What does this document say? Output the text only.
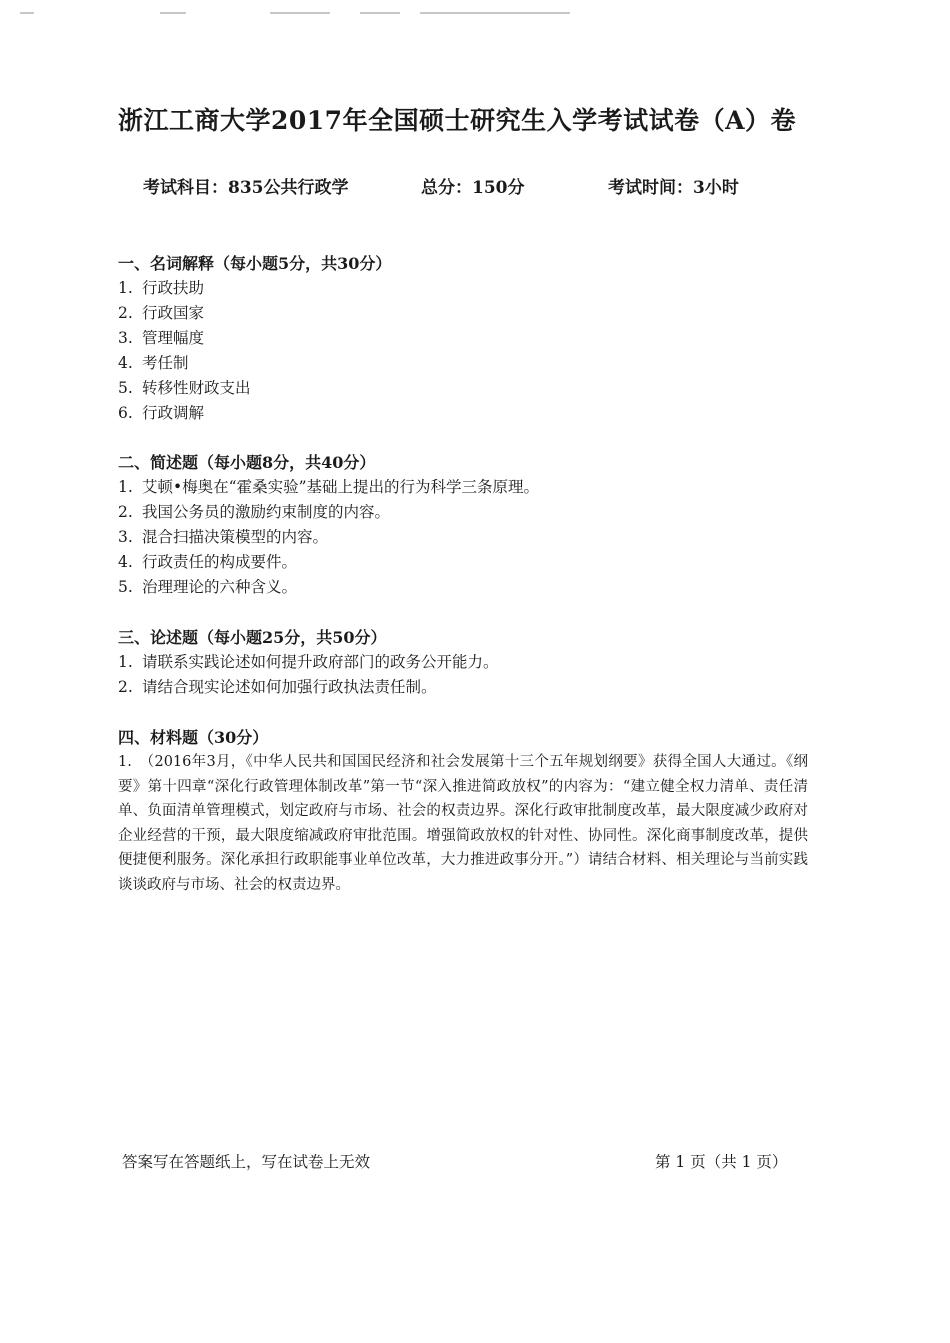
浙江工商大学2017年全国硕士研究生入学考试试卷（A）卷
考试科目：835公共行政学	总分：150分	考试时间：3小时
一、名词解释（每小题5分，共30分）
1. 行政扶助
2. 行政国家
3. 管理幅度
4. 考任制
5. 转移性财政支出
6. 行政调解
二、简述题（每小题8分，共40分）
1. 艾顿•梅奥在“霍桑实验”基础上提出的行为科学三条原理。
2. 我国公务员的激励约束制度的内容。
3. 混合扫描决策模型的内容。
4. 行政责任的构成要件。
5. 治理理论的六种含义。
三、论述题（每小题25分，共50分）
1. 请联系实践论述如何提升政府部门的政务公开能力。
2. 请结合现实论述如何加强行政执法责任制。
四、材料题（30分）

1.　（2016年3月，《中华人民共和国国民经济和社会发展第十三个五年规划纲要》获得全国人大通过。《纲要》第十四章“深化行政管理体制改革”第一节“深入推进简政放权”的内容为：“建立健全权力清单、责任清单、负面清单管理模式，划定政府与市场、社会的权责边界。深化行政审批制度改革，最大限度减少政府对企业经营的干预，最大限度缩减政府审批范围。增强简政放权的针对性、协同性。深化商事制度改革，提供便捷便利服务。深化承担行政职能事业单位改革，大力推进政事分开。”）请结合材料、相关理论与当前实践谈谈政府与市场、社会的权责边界。

答案写在答题纸上，写在试卷上无效	第 1 页（共 1 页）
